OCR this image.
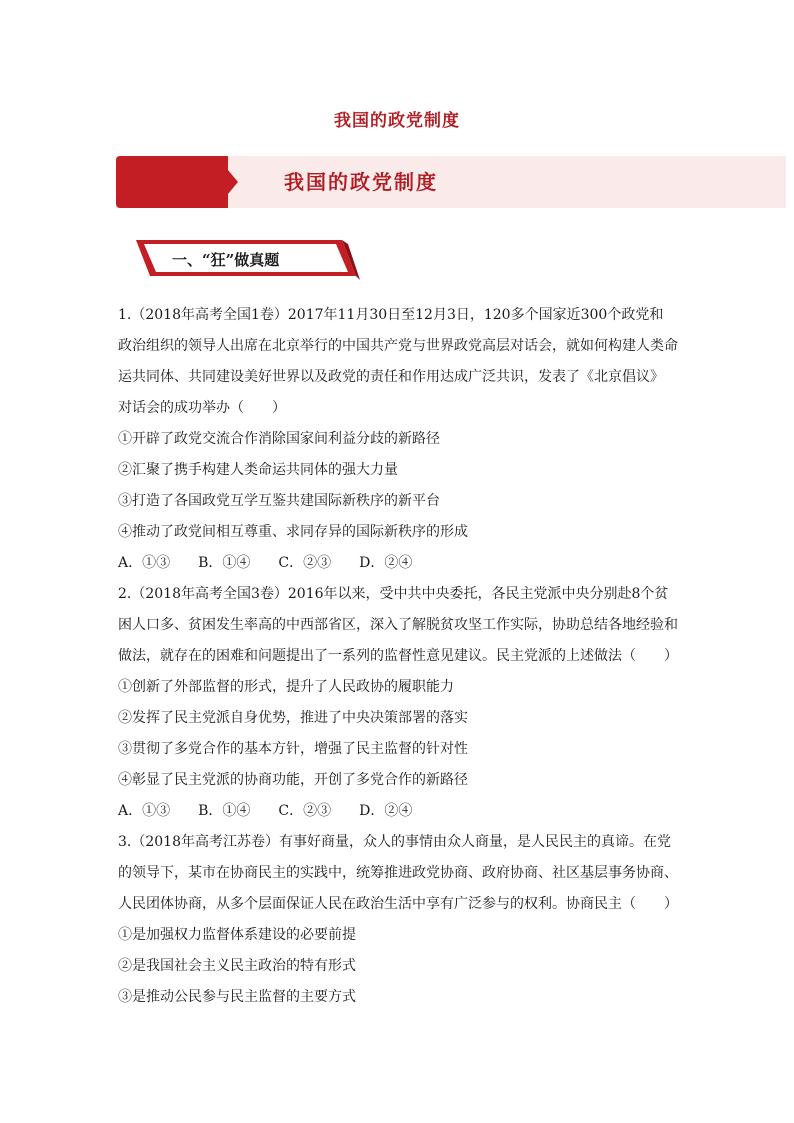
我国的政党制度
我国的政党制度
一、“狂”做真题

1.（2018年高考全国1卷）2017年11月30日至12月3日，120多个国家近300个政党和

政治组织的领导人出席在北京举行的中国共产党与世界政党高层对话会，就如何构建人类命

运共同体、共同建设美好世界以及政党的责任和作用达成广泛共识，发表了《北京倡议》

对话会的成功举办（　　）

①开辟了政党交流合作消除国家间利益分歧的新路径

②汇聚了携手构建人类命运共同体的强大力量

③打造了各国政党互学互鉴共建国际新秩序的新平台

④推动了政党间相互尊重、求同存异的国际新秩序的形成

A．①③　　B．①④　　C．②③　　D．②④

2.（2018年高考全国3卷）2016年以来，受中共中央委托，各民主党派中央分别赴8个贫

困人口多、贫困发生率高的中西部省区，深入了解脱贫攻坚工作实际，协助总结各地经验和

做法，就存在的困难和问题提出了一系列的监督性意见建议。民主党派的上述做法（　　）

①创新了外部监督的形式，提升了人民政协的履职能力

②发挥了民主党派自身优势，推进了中央决策部署的落实

③贯彻了多党合作的基本方针，增强了民主监督的针对性

④彰显了民主党派的协商功能，开创了多党合作的新路径

A．①③　　B．①④　　C．②③　　D．②④

3.（2018年高考江苏卷）有事好商量，众人的事情由众人商量，是人民民主的真谛。在党

的领导下，某市在协商民主的实践中，统筹推进政党协商、政府协商、社区基层事务协商、

人民团体协商，从多个层面保证人民在政治生活中享有广泛参与的权利。协商民主（　　）

①是加强权力监督体系建设的必要前提

②是我国社会主义民主政治的特有形式

③是推动公民参与民主监督的主要方式
